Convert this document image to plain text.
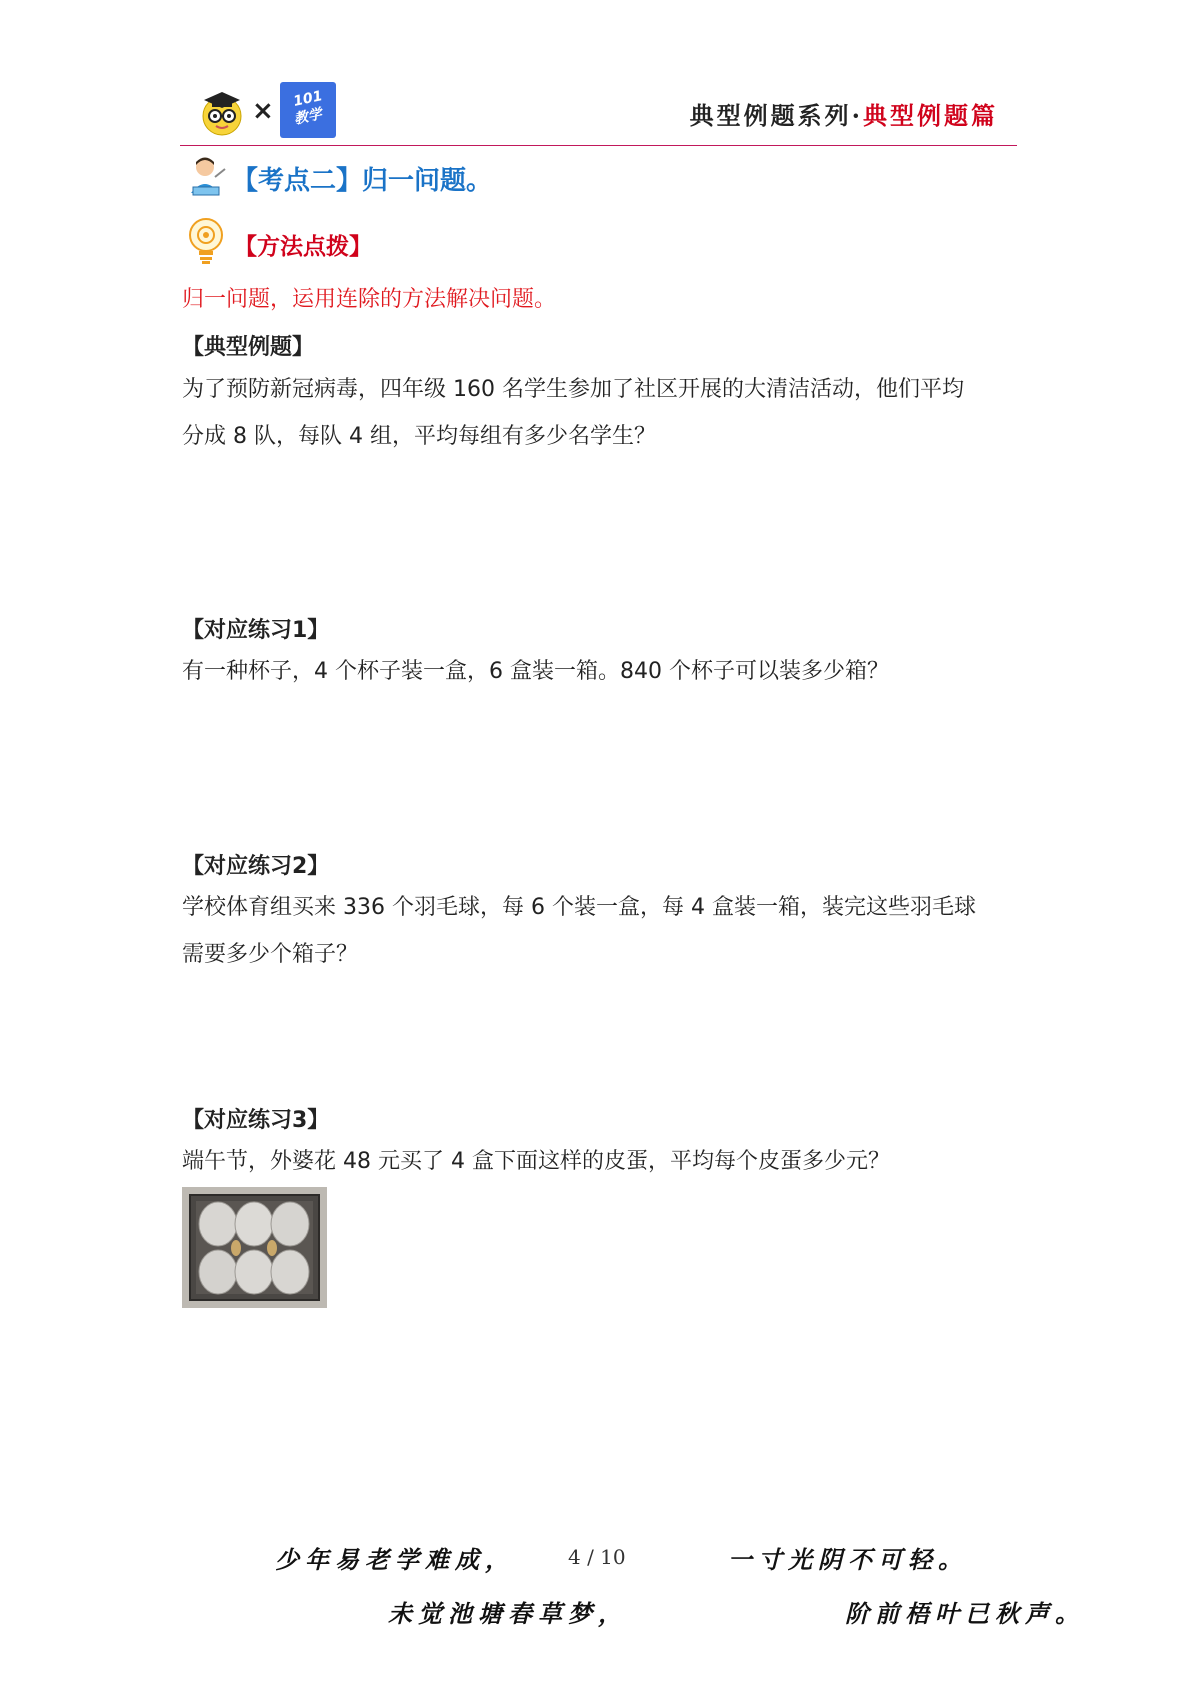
×	101
教学	典型例题系列·典型例题篇
【考点二】归一问题。
【方法点拨】
归一问题，运用连除的方法解决问题。
【典型例题】
为了预防新冠病毒，四年级 160 名学生参加了社区开展的大清洁活动，他们平均
分成 8 队，每队 4 组，平均每组有多少名学生？
【对应练习1】
有一种杯子，4 个杯子装一盒，6 盒装一箱。840 个杯子可以装多少箱？
【对应练习2】
学校体育组买来 336 个羽毛球，每 6 个装一盒，每 4 盒装一箱，装完这些羽毛球
需要多少个箱子？
【对应练习3】
端午节，外婆花 48 元买了 4 盒下面这样的皮蛋，平均每个皮蛋多少元？
少年易老学难成，	4 / 10	一寸光阴不可轻。
未觉池塘春草梦，	阶前梧叶已秋声。
